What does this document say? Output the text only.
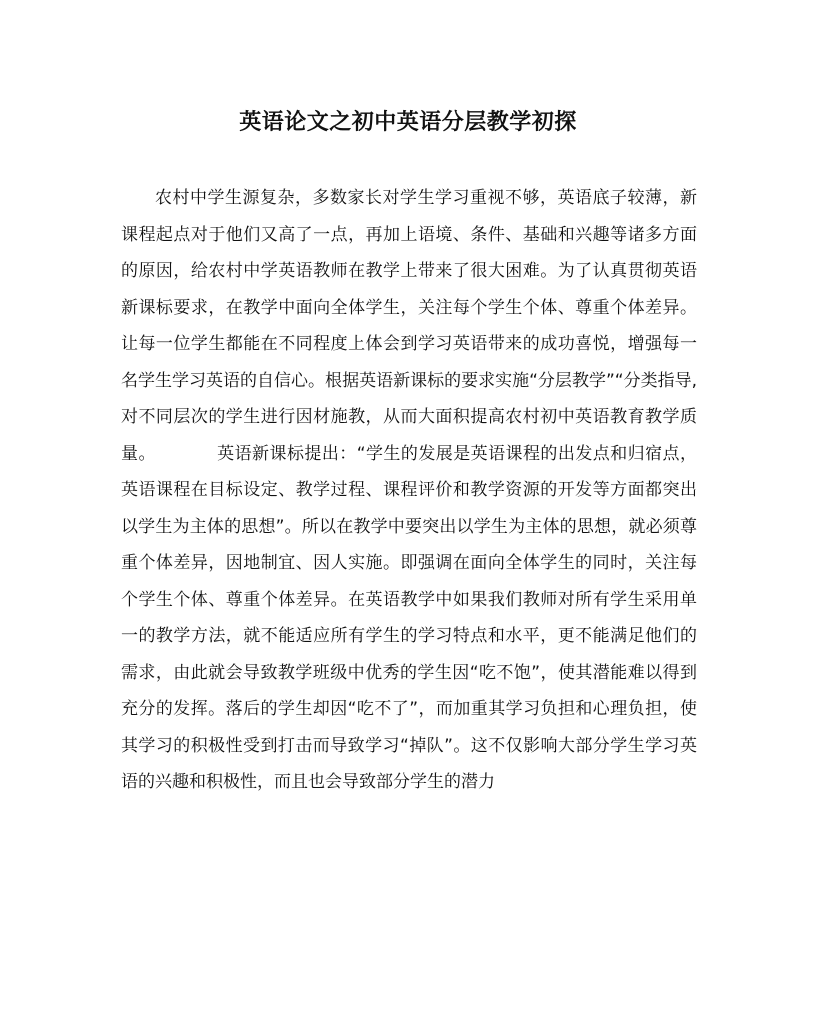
英语论文之初中英语分层教学初探

农村中学生源复杂，多数家长对学生学习重视不够，英语底子较薄，新课程起点对于他们又高了一点，再加上语境、条件、基础和兴趣等诸多方面的原因，给农村中学英语教师在教学上带来了很大困难。为了认真贯彻英语新课标要求，在教学中面向全体学生，关注每个学生个体、尊重个体差异。让每一位学生都能在不同程度上体会到学习英语带来的成功喜悦，增强每一名学生学习英语的自信心。根据英语新课标的要求实施“分层教学”“分类指导, 对不同层次的学生进行因材施教，从而大面积提高农村初中英语教育教学质量。　　　　英语新课标提出：“学生的发展是英语课程的出发点和归宿点，英语课程在目标设定、教学过程、课程评价和教学资源的开发等方面都突出以学生为主体的思想”。所以在教学中要突出以学生为主体的思想，就必须尊重个体差异，因地制宜、因人实施。即强调在面向全体学生的同时，关注每个学生个体、尊重个体差异。在英语教学中如果我们教师对所有学生采用单一的教学方法，就不能适应所有学生的学习特点和水平，更不能满足他们的需求，由此就会导致教学班级中优秀的学生因“吃不饱”，使其潜能难以得到充分的发挥。落后的学生却因“吃不了”，而加重其学习负担和心理负担，使其学习的积极性受到打击而导致学习“掉队”。这不仅影响大部分学生学习英语的兴趣和积极性，而且也会导致部分学生的潜力
